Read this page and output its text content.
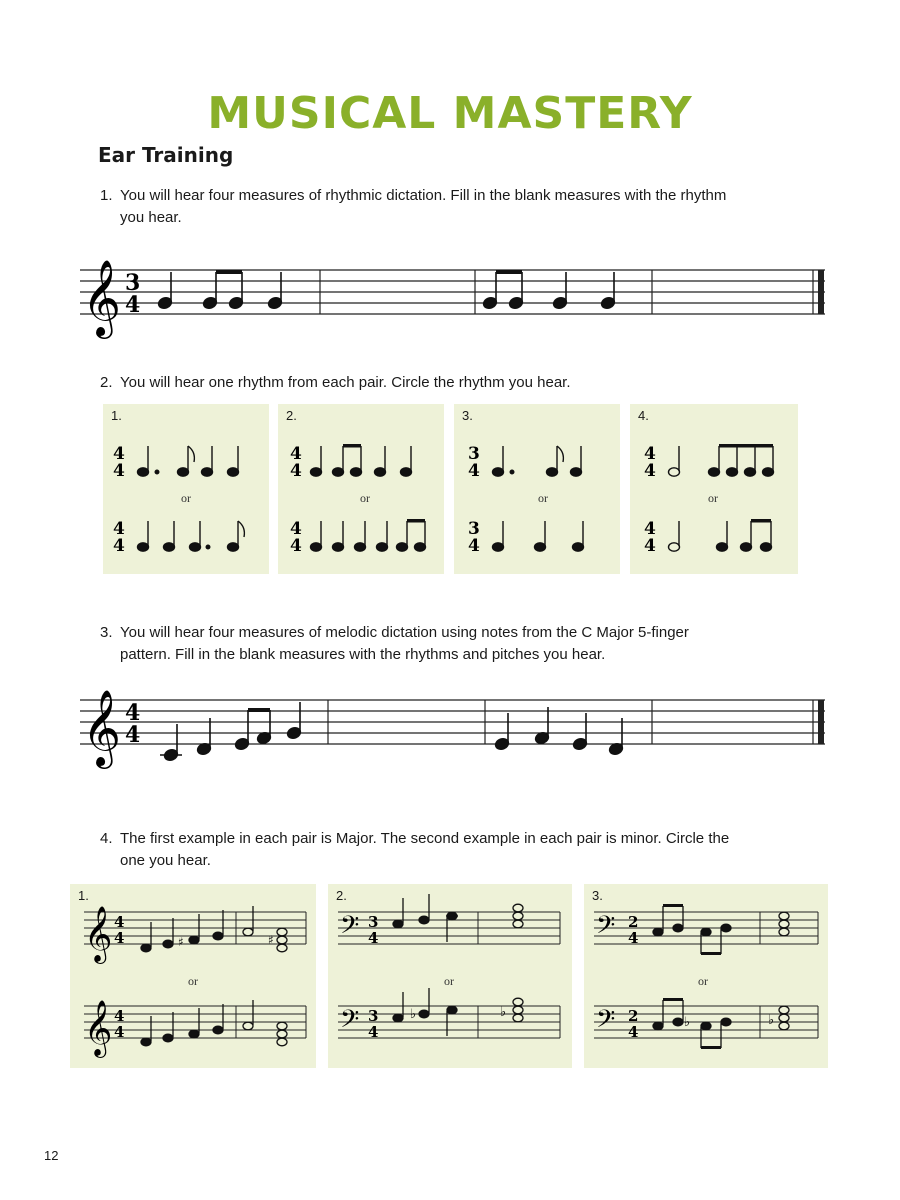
MUSICAL MASTERY
Ear Training
1. You will hear four measures of rhythmic dictation. Fill in the blank measures with the rhythm
you hear.
𝄞 3
4
2. You will hear one rhythm from each pair. Circle the rhythm you hear.
1.
4
4
or
4
4
2.
4
4
or
4
4
3.
3
4
or
3
4
4.
4
4
or
4
4
3. You will hear four measures of melodic dictation using notes from the C Major 5-finger
pattern. Fill in the blank measures with the rhythms and pitches you hear.
𝄞 4
4
4. The first example in each pair is Major. The second example in each pair is minor. Circle the
one you hear.
1.
𝄞 4
4	♯	♯
or
𝄞 4
4
2.
𝄢 3
4
or
𝄢 3
4
♭	♭
3.
𝄢 2
4
or
𝄢 2
4
♭	♭
12
